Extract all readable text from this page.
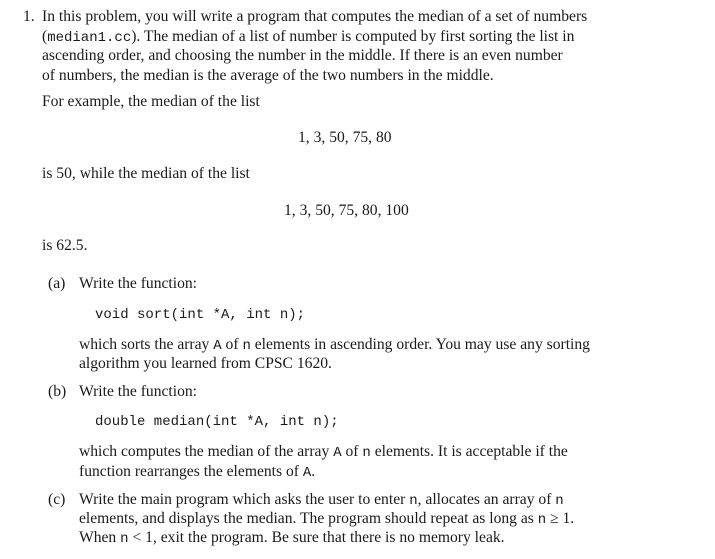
1. In this problem, you will write a program that computes the median of a set of numbers
(median1.cc). The median of a list of number is computed by first sorting the list in
ascending order, and choosing the number in the middle. If there is an even number
of numbers, the median is the average of the two numbers in the middle.
For example, the median of the list
1, 3, 50, 75, 80
is 50, while the median of the list
1, 3, 50, 75, 80, 100
is 62.5.
(a) Write the function:
void sort(int *A, int n);
which sorts the array A of n elements in ascending order. You may use any sorting
algorithm you learned from CPSC 1620.
(b) Write the function:
double median(int *A, int n);
which computes the median of the array A of n elements. It is acceptable if the
function rearranges the elements of A.
(c) Write the main program which asks the user to enter n, allocates an array of n
elements, and displays the median. The program should repeat as long as n ≥ 1.
When n < 1, exit the program. Be sure that there is no memory leak.
